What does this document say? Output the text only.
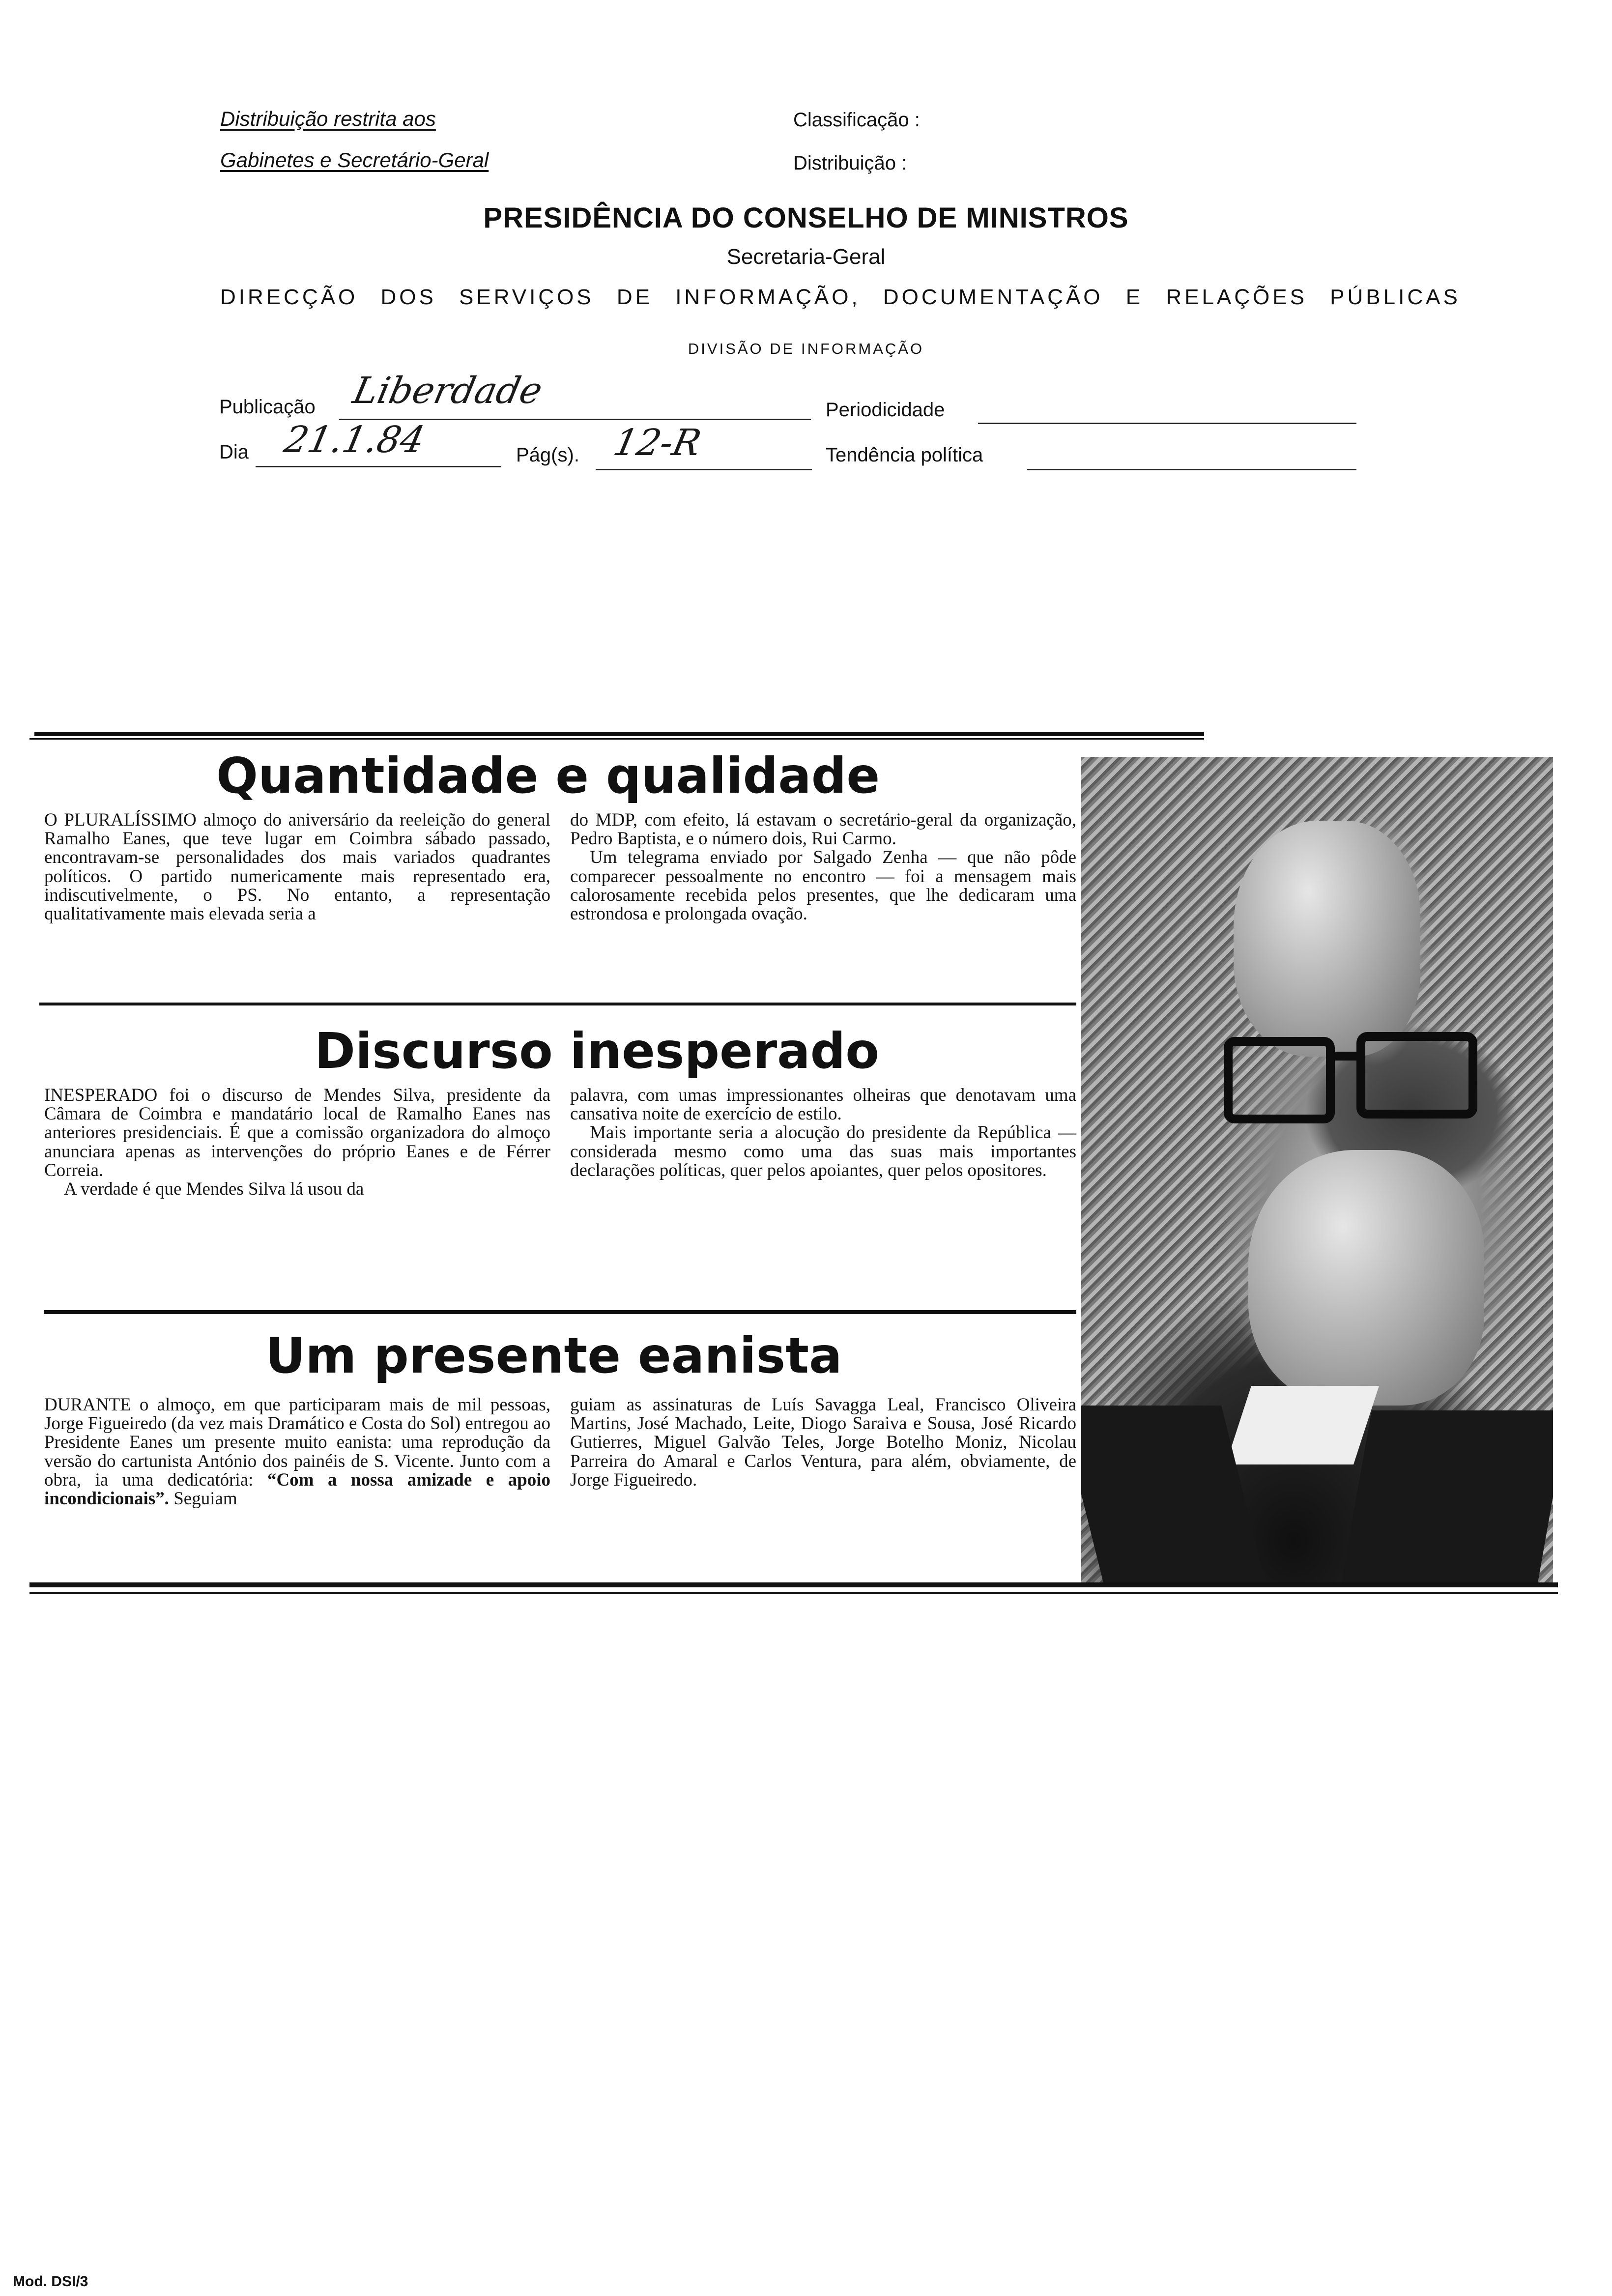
Distribuição restrita aos
Gabinetes e Secretário-Geral
Classificação :
Distribuição :
PRESIDÊNCIA DO CONSELHO DE MINISTROS
Secretaria-Geral
DIRECÇÃO DOS SERVIÇOS DE INFORMAÇÃO, DOCUMENTAÇÃO E RELAÇÕES PÚBLICAS
DIVISÃO DE INFORMAÇÃO
Publicação Liberdade	Periodicidade
Dia 21.1.84	Pág(s). 12-R	Tendência política
Quantidade e qualidade

O PLURALÍSSIMO almoço do aniversário da reeleição do general Ramalho Eanes, que teve lugar em Coimbra sábado passado, encontravam-se personalidades dos mais variados quadrantes políticos. O partido numericamente mais representado era, indiscutivelmente, o PS. No entanto, a representação qualitativamente mais elevada seria a

do MDP, com efeito, lá estavam o secretário-geral da organização, Pedro Baptista, e o número dois, Rui Carmo.

Um telegrama enviado por Salgado Zenha — que não pôde comparecer pessoalmente no encontro — foi a mensagem mais calorosamente recebida pelos presentes, que lhe dedicaram uma estrondosa e prolongada ovação.

Discurso inesperado

INESPERADO foi o discurso de Mendes Silva, presidente da Câmara de Coimbra e mandatário local de Ramalho Eanes nas anteriores presidenciais. É que a comissão organizadora do almoço anunciara apenas as intervenções do próprio Eanes e de Férrer Correia.

A verdade é que Mendes Silva lá usou da

palavra, com umas impressionantes olheiras que denotavam uma cansativa noite de exercício de estilo.

Mais importante seria a alocução do presidente da República — considerada mesmo como uma das suas mais importantes declarações políticas, quer pelos apoiantes, quer pelos opositores.

Um presente eanista

DURANTE o almoço, em que participaram mais de mil pessoas, Jorge Figueiredo (da vez mais Dramático e Costa do Sol) entregou ao Presidente Eanes um presente muito eanista: uma reprodução da versão do cartunista António dos painéis de S. Vicente. Junto com a obra, ia uma dedicatória: “Com a nossa amizade e apoio incondicionais”. Seguiam

guiam as assinaturas de Luís Savagga Leal, Francisco Oliveira Martins, José Machado, Leite, Diogo Saraiva e Sousa, José Ricardo Gutierres, Miguel Galvão Teles, Jorge Botelho Moniz, Nicolau Parreira do Amaral e Carlos Ventura, para além, obviamente, de Jorge Figueiredo.

Mod. DSI/3
